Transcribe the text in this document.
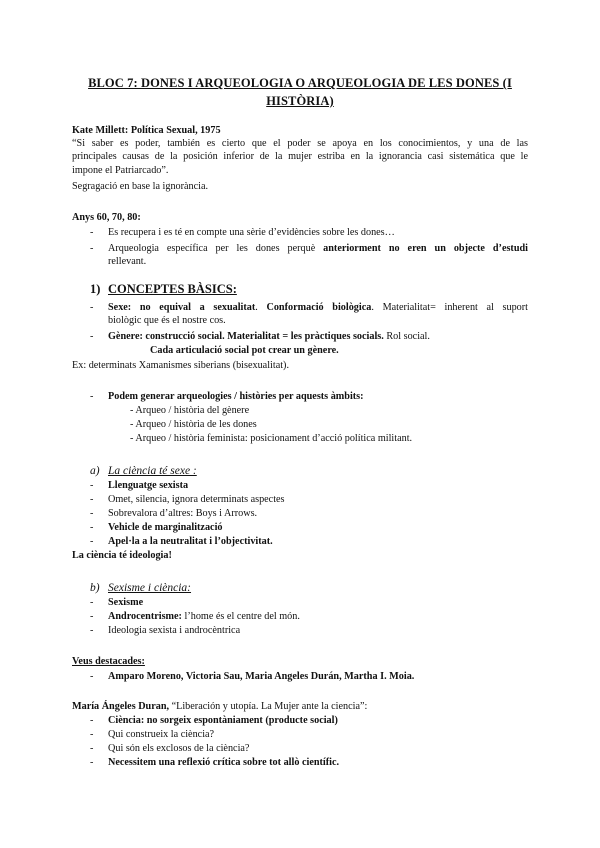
BLOC 7: DONES I ARQUEOLOGIA O ARQUEOLOGIA DE LES DONES (I
HISTÒRIA)
Kate Millett: Política Sexual, 1975
“Si saber es poder, también es cierto que el poder se apoya en los conocimientos, y una de las
principales causas de la posición inferior de la mujer estriba en la ignorancia casi sistemática que le
impone el Patriarcado”.
Segragació en base la ignorància.
Anys 60, 70, 80:
- Es recupera i es té en compte una sèrie d’evidències sobre les dones…
- Arqueologia específica per les dones perquè anteriorment no eren un objecte d’estudi
rellevant.
1) CONCEPTES BÀSICS:
- Sexe: no equival a sexualitat. Conformació biològica. Materialitat= inherent al suport
biològic que és el nostre cos.
- Gènere: construcció social. Materialitat = les pràctiques socials. Rol social.
Cada articulació social pot crear un gènere.
Ex: determinats Xamanismes siberians (bisexualitat).
- Podem generar arqueologies / històries per aquests àmbits:
- Arqueo / història del gènere
- Arqueo / història de les dones
- Arqueo / història feminista: posicionament d’acció política militant.
a) La ciència té sexe :
- Llenguatge sexista
- Omet, silencia, ignora determinats aspectes
- Sobrevalora d’altres: Boys i Arrows.
- Vehicle de marginalització
- Apel·la a la neutralitat i l’objectivitat.
La ciència té ideologia!
b) Sexisme i ciència:
- Sexisme
- Androcentrisme: l’home és el centre del món.
- Ideologia sexista i androcèntrica
Veus destacades:
- Amparo Moreno, Victoria Sau, Maria Angeles Durán, Martha I. Moia.
María Ángeles Duran, “Liberación y utopía. La Mujer ante la ciencia”:
- Ciència: no sorgeix espontàniament (producte social)
- Qui construeix la ciència?
- Qui són els exclosos de la ciència?
- Necessitem una reflexió crítica sobre tot allò científic.
